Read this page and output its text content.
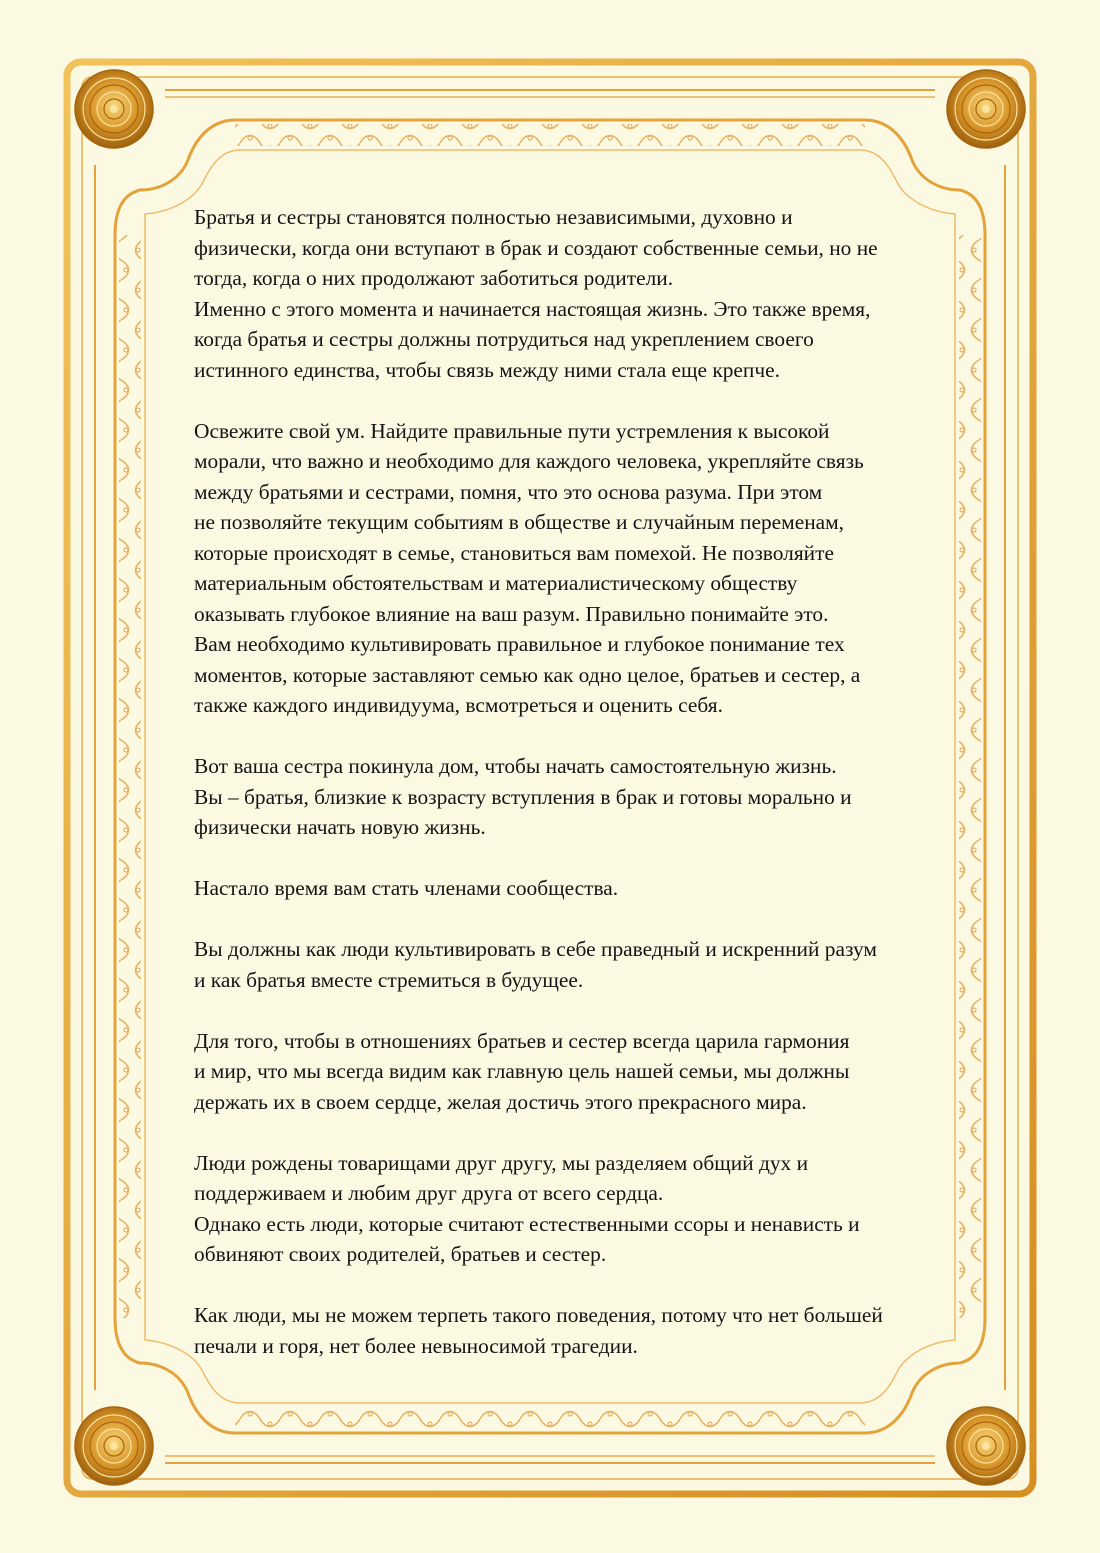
Братья и сестры становятся полностью независимыми, духовно и
физически, когда они вступают в брак и создают собственные семьи, но не
тогда, когда о них продолжают заботиться родители.
Именно с этого момента и начинается настоящая жизнь. Это также время,
когда братья и сестры должны потрудиться над укреплением своего
истинного единства, чтобы связь между ними стала еще крепче.
Освежите свой ум. Найдите правильные пути устремления к высокой
морали, что важно и необходимо для каждого человека, укрепляйте связь
между братьями и сестрами, помня, что это основа разума. При этом
не позволяйте текущим событиям в обществе и случайным переменам,
которые происходят в семье, становиться вам помехой. Не позволяйте
материальным обстоятельствам и материалистическому обществу
оказывать глубокое влияние на ваш разум. Правильно понимайте это.
Вам необходимо культивировать правильное и глубокое понимание тех
моментов, которые заставляют семью как одно целое, братьев и сестер, а
также каждого индивидуума, всмотреться и оценить себя.
Вот ваша сестра покинула дом, чтобы начать самостоятельную жизнь.
Вы – братья, близкие к возрасту вступления в брак и готовы морально и
физически начать новую жизнь.
Настало время вам стать членами сообщества.
Вы должны как люди культивировать в себе праведный и искренний разум
и как братья вместе стремиться в будущее.
Для того, чтобы в отношениях братьев и сестер всегда царила гармония
и мир, что мы всегда видим как главную цель нашей семьи, мы должны
держать их в своем сердце, желая достичь этого прекрасного мира.
Люди рождены товарищами друг другу, мы разделяем общий дух и
поддерживаем и любим друг друга от всего сердца.
Однако есть люди, которые считают естественными ссоры и ненависть и
обвиняют своих родителей, братьев и сестер.
Как люди, мы не можем терпеть такого поведения, потому что нет большей
печали и горя, нет более невыносимой трагедии.
